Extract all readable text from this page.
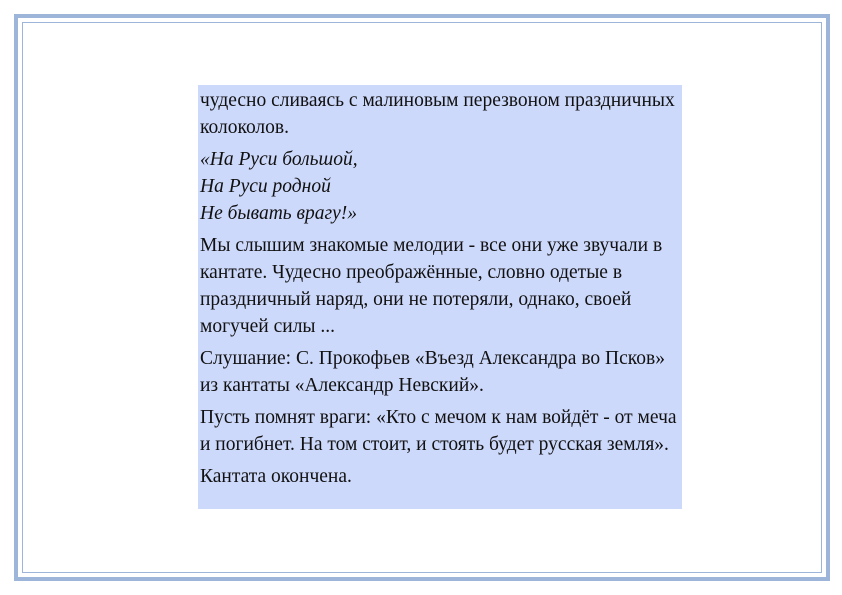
чудесно сливаясь с малиновым перезвоном праздничных колоколов.

«На Руси большой,
На Руси родной
Не бывать врагу!»

Мы слышим знакомые мелодии - все они уже звучали в кантате. Чудесно преображённые, словно одетые в праздничный наряд, они не потеряли, однако, своей могучей силы ...

Слушание: С. Прокофьев «Въезд Александра во Псков» из кантаты «Александр Невский».

Пусть помнят враги: «Кто с мечом к нам войдёт - от меча и погибнет. На том стоит, и стоять будет русская земля».

Кантата окончена.
